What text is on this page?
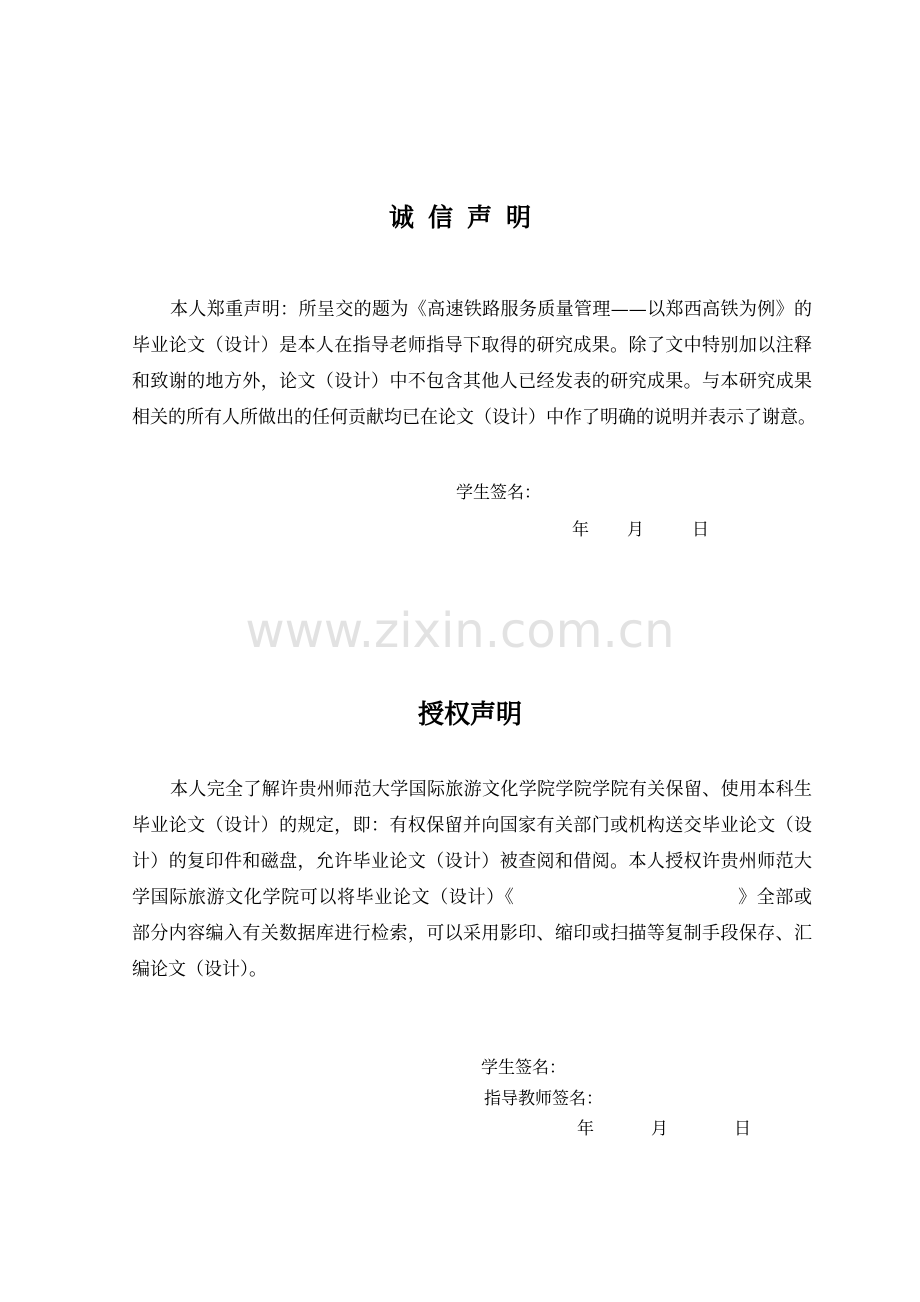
诚 信 声 明
本人郑重声明：所呈交的题为《高速铁路服务质量管理——以郑西高铁为例》的
毕业论文（设计）是本人在指导老师指导下取得的研究成果。除了文中特别加以注释
和致谢的地方外，论文（设计）中不包含其他人已经发表的研究成果。与本研究成果
相关的所有人所做出的任何贡献均已在论文（设计）中作了明确的说明并表示了谢意。
学生签名：
年 月	日
www.zixin.com.cn
授权声明
本人完全了解许贵州师范大学国际旅游文化学院学院学院有关保留、使用本科生
毕业论文（设计）的规定，即：有权保留并向国家有关部门或机构送交毕业论文（设
计）的复印件和磁盘，允许毕业论文（设计）被查阅和借阅。本人授权许贵州师范大
学国际旅游文化学院可以将毕业论文（设计）《　　　　　　　　　　　　》全部或
部分内容编入有关数据库进行检索，可以采用影印、缩印或扫描等复制手段保存、汇
编论文（设计）。
学生签名：
指导教师签名：
年	月	日
